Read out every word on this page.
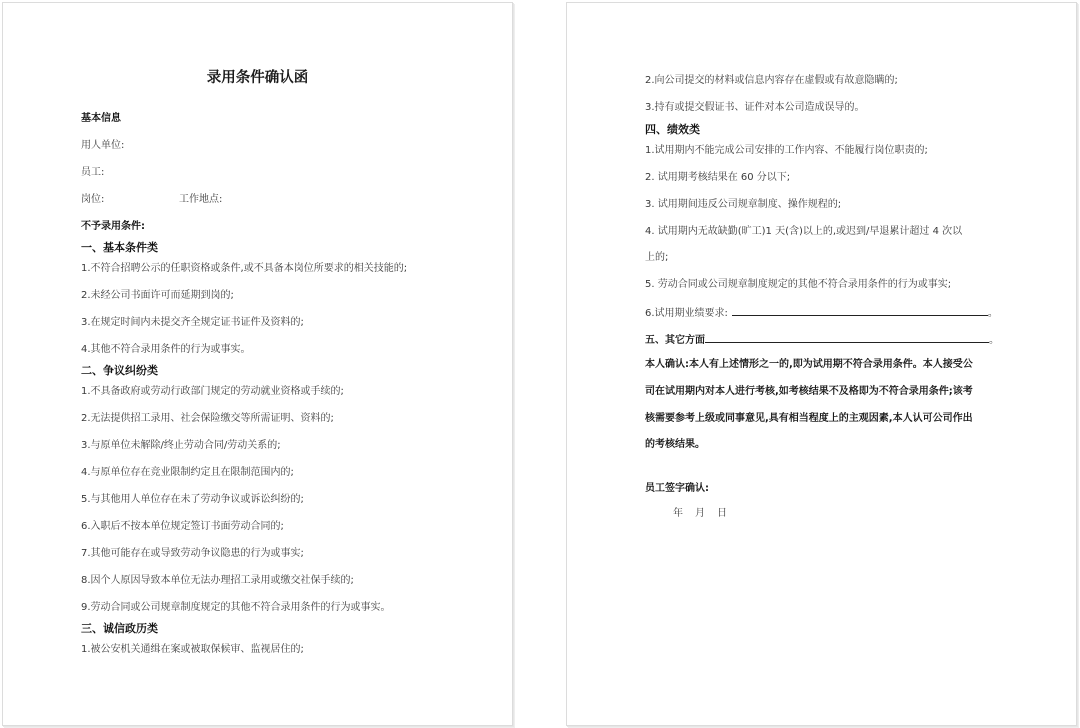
录用条件确认函
基本信息
用人单位:
员工:
岗位:	工作地点:
不予录用条件:
一、基本条件类
1.不符合招聘公示的任职资格或条件,或不具备本岗位所要求的相关技能的;
2.未经公司书面许可而延期到岗的;
3.在规定时间内未提交齐全规定证书证件及资料的;
4.其他不符合录用条件的行为或事实。
二、争议纠纷类
1.不具备政府或劳动行政部门规定的劳动就业资格或手续的;
2.无法提供招工录用、社会保险缴交等所需证明、资料的;
3.与原单位未解除/终止劳动合同/劳动关系的;
4.与原单位存在竞业限制约定且在限制范围内的;
5.与其他用人单位存在未了劳动争议或诉讼纠纷的;
6.入职后不按本单位规定签订书面劳动合同的;
7.其他可能存在或导致劳动争议隐患的行为或事实;
8.因个人原因导致本单位无法办理招工录用或缴交社保手续的;
9.劳动合同或公司规章制度规定的其他不符合录用条件的行为或事实。
三、诚信政历类
1.被公安机关通缉在案或被取保候审、监视居住的;
2.向公司提交的材料或信息内容存在虚假或有故意隐瞒的;
3.持有或提交假证书、证件对本公司造成误导的。
四、绩效类
1.试用期内不能完成公司安排的工作内容、不能履行岗位职责的;
2. 试用期考核结果在 60 分以下;
3. 试用期间违反公司规章制度、操作规程的;
4. 试用期内无故缺勤(旷工)1 天(含)以上的,或迟到/早退累计超过 4 次以
上的;
5. 劳动合同或公司规章制度规定的其他不符合录用条件的行为或事实;
6.试用期业绩要求:	。
五、其它方面	。
本人确认:本人有上述情形之一的,即为试用期不符合录用条件。本人接受公
司在试用期内对本人进行考核,如考核结果不及格即为不符合录用条件;该考
核需要参考上级或同事意见,具有相当程度上的主观因素,本人认可公司作出
的考核结果。
员工签字确认:
年 月 日
